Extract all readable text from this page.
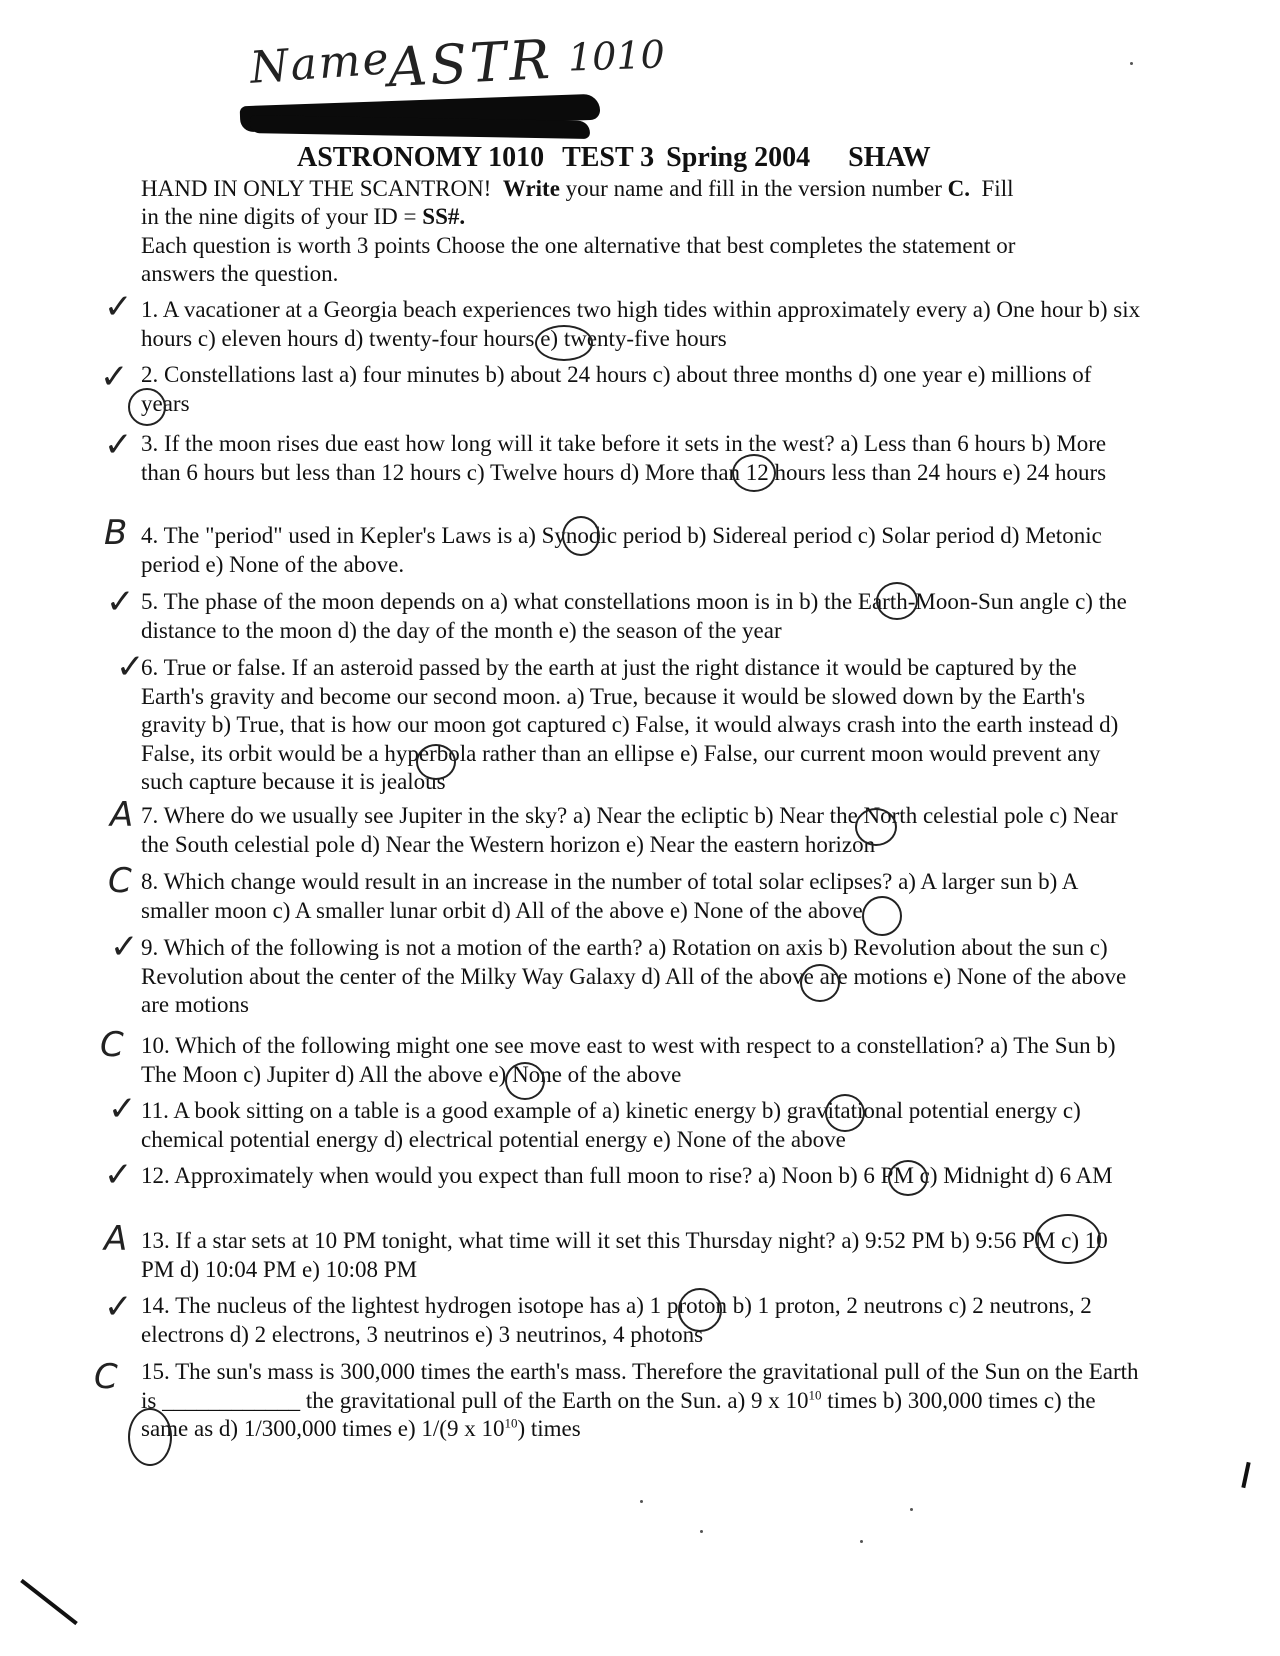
Name
ASTR 1010
ASTRONOMY 1010 TEST 3 Spring 2004 SHAW
HAND IN ONLY THE SCANTRON! Write your name and fill in the version number C. Fill
in the nine digits of your ID = SS#.
Each question is worth 3 points Choose the one alternative that best completes the statement or
answers the question.
1. A vacationer at a Georgia beach experiences two high tides within approximately every a) One hour b) six hours c) eleven hours d) twenty-four hours e) twenty-five hours
2. Constellations last a) four minutes b) about 24 hours c) about three months d) one year e) millions of years
3. If the moon rises due east how long will it take before it sets in the west? a) Less than 6 hours b) More than 6 hours but less than 12 hours c) Twelve hours d) More than 12 hours less than 24 hours e) 24 hours
4. The "period" used in Kepler's Laws is a) Synodic period b) Sidereal period c) Solar period d) Metonic period e) None of the above.
5. The phase of the moon depends on a) what constellations moon is in b) the Earth-Moon-Sun angle c) the distance to the moon d) the day of the month e) the season of the year
6. True or false. If an asteroid passed by the earth at just the right distance it would be captured by the Earth's gravity and become our second moon. a) True, because it would be slowed down by the Earth's gravity b) True, that is how our moon got captured c) False, it would always crash into the earth instead d) False, its orbit would be a hyperbola rather than an ellipse e) False, our current moon would prevent any such capture because it is jealous
7. Where do we usually see Jupiter in the sky? a) Near the ecliptic b) Near the North celestial pole c) Near the South celestial pole d) Near the Western horizon e) Near the eastern horizon
8. Which change would result in an increase in the number of total solar eclipses? a) A larger sun b) A smaller moon c) A smaller lunar orbit d) All of the above e) None of the above
9. Which of the following is not a motion of the earth? a) Rotation on axis b) Revolution about the sun c) Revolution about the center of the Milky Way Galaxy d) All of the above are motions e) None of the above are motions
10. Which of the following might one see move east to west with respect to a constellation? a) The Sun b) The Moon c) Jupiter d) All the above e) None of the above
11. A book sitting on a table is a good example of a) kinetic energy b) gravitational potential energy c) chemical potential energy d) electrical potential energy e) None of the above
12. Approximately when would you expect than full moon to rise? a) Noon b) 6 PM c) Midnight d) 6 AM
13. If a star sets at 10 PM tonight, what time will it set this Thursday night? a) 9:52 PM b) 9:56 PM c) 10 PM d) 10:04 PM e) 10:08 PM
14. The nucleus of the lightest hydrogen isotope has a) 1 proton b) 1 proton, 2 neutrons c) 2 neutrons, 2 electrons d) 2 electrons, 3 neutrinos e) 3 neutrinos, 4 photons
15. The sun's mass is 300,000 times the earth's mass. Therefore the gravitational pull of the Sun on the Earth is ____________ the gravitational pull of the Earth on the Sun. a) 9 x $10^{10}$ times b) 300,000 times c) the same as d) 1/300,000 times e) 1/(9 x $10^{10}$) times
✓
✓
✓
B
✓
✓
A
C
✓
C
✓
✓
A
✓
C
